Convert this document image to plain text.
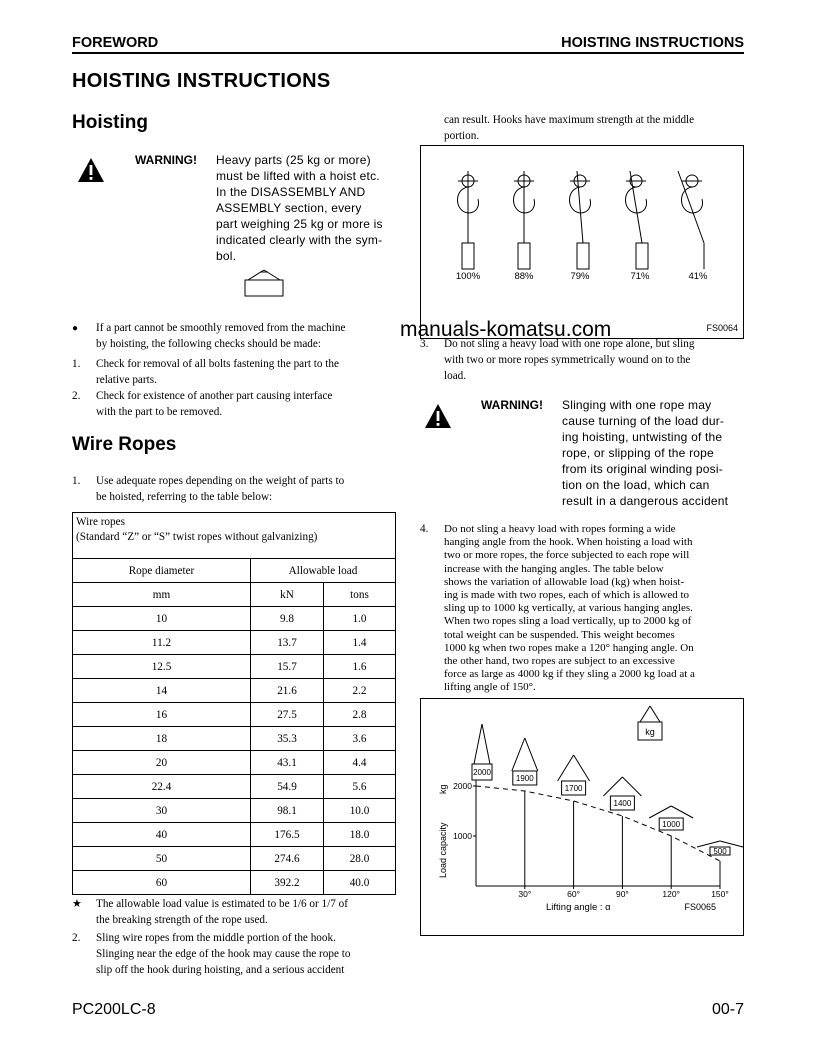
FOREWORD	HOISTING INSTRUCTIONS
HOISTING INSTRUCTIONS
Hoisting
WARNING! Heavy parts (25 kg or more)
must be lifted with a hoist etc.
In the DISASSEMBLY AND
ASSEMBLY section, every
part weighing 25 kg or more is
indicated clearly with the sym-
bol.
● If a part cannot be smoothly removed from the machine
by hoisting, the following checks should be made:
1. Check for removal of all bolts fastening the part to the
relative parts.
2. Check for existence of another part causing interface
with the part to be removed.
Wire Ropes
1. Use adequate ropes depending on the weight of parts to
be hoisted, referring to the table below:
Wire ropes
(Standard “Z” or “S” twist ropes without galvanizing)		

Rope diameter	Allowable load	
mm	kN	tons
10	9.8	1.0
11.2	13.7	1.4
12.5	15.7	1.6
14	21.6	2.2
16	27.5	2.8
18	35.3	3.6
20	43.1	4.4
22.4	54.9	5.6
30	98.1	10.0
40	176.5	18.0
50	274.6	28.0
60	392.2	40.0
★ The allowable load value is estimated to be 1/6 or 1/7 of
the breaking strength of the rope used.
2. Sling wire ropes from the middle portion of the hook.
Slinging near the edge of the hook may cause the rope to
slip off the hook during hoisting, and a serious accident
can result. Hooks have maximum strength at the middle
portion.
100%	88%	79%	71%	41%
FS0064
manuals-komatsu.com
3. Do not sling a heavy load with one rope alone, but sling
with two or more ropes symmetrically wound on to the
load.
WARNING! Slinging with one rope may
cause turning of the load dur-
ing hoisting, untwisting of the
rope, or slipping of the rope
from its original winding posi-
tion on the load, which can
result in a dangerous accident
4. Do not sling a heavy load with ropes forming a wide
hanging angle from the hook. When hoisting a load with
two or more ropes, the force subjected to each rope will
increase with the hanging angles. The table below
shows the variation of allowable load (kg) when hoist-
ing is made with two ropes, each of which is allowed to
sling up to 1000 kg vertically, at various hanging angles.
When two ropes sling a load vertically, up to 2000 kg of
total weight can be suspended. This weight becomes
1000 kg when two ropes make a 120° hanging angle. On
the other hand, two ropes are subject to an excessive
force as large as 4000 kg if they sling a 2000 kg load at a
lifting angle of 150°.
2000
1000
30°	60°	90°	120°	150°
2000
1900
1700
1400
1000
500
Load capacity
kg
Lifting angle : α	FS0065
kg
PC200LC-8	00-7
